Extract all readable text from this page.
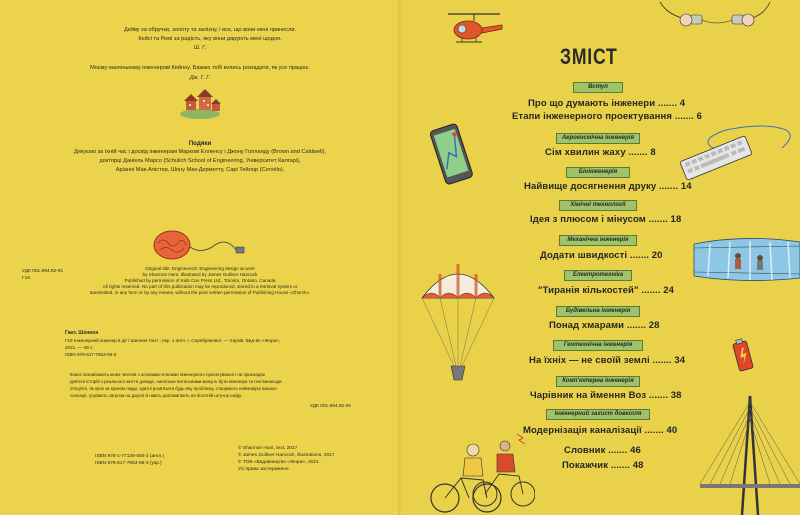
Дейву за обручки, золоту та залізну, і все, що вони мені принесли.
Кейсі та Ремі за радість, яку вони дарують мені щодня.
Ш. Г.
Моєму маленькому інженерові Кейнну. Бажаю тобі колись розгадати, як усе працює.
Дж. Г. Г.
Подяки
Дякуємо за їхній час і досвід інженерам Маркові Елленсу і Джону Голланду (Brown and Caldwell),
докторці Даніель Марсо (Schulich School of Engineering, Університет Калгарі),
Аріанні Мак-Алістер, Шону Мак-Дермотту, Сарі Тейлор (Cervélo).
УДК 001.894.82-91
Г19
Original title: Engineered!: Engineering design at work
by Shannon Hunt. Illustrated by James Gulliver Hancock
Published by permission of Kids Can Press Ltd., Toronto, Ontario, Canada
All rights reserved. No part of this publication may be reproduced, stored in a retrieval system or
transmitted, in any form or by any means, without the prior written permission of Publishing House «Zhorzh».
Гант, Шеннон
Г19 Інженерний інженер в дії / Шеннон Гант ; пер. з англ. І. Серебрянової. — Харків: Вид-во «Жорж»,
2021. — 48 с.
ISBN 978-617-7853-66-3
Книга познайомить юних читачів з основами етапами інженерного проектування і на прикладах
дев'яти історій з реального життя доведе, наскільки питальними можуть бути інженери та їхні винаходи.
З'ясуйте, як крок за кроком люди, здатні розв'язати будь-яку проблему, створюють неймовірні винахо-
сенсації, усувають загрози на дорозі й навіть допомагають на пілотній штучну шкіру.
УДК 001.894.82-91
ISBN 978-1-77138-560-2 (англ.)
ISBN 978-617-7853-66-3 (укр.)
© Shannon Hunt, text, 2017
© James Gulliver Hancock, illustrations, 2017
© ТОВ «Видавництво «Жорж», 2021
Усі права застережено
ЗМІСТ
Вступ
Про що думають інженери ....... 4
Етапи інженерного проектування ....... 6
Аерокосмічна інженерія
Сім хвилин жаху ....... 8
Біоінженерія
Найвище досягнення друку ....... 14
Хімічні технології
Ідея з плюсом і мінусом ....... 18
Механічна інженерія
Додати швидкості ....... 20
Електротехніка
"Тиранія кількостей" ....... 24
Будівельна інженерія
Понад хмарами ....... 28
Геотехнічна інженерія
На їхніх — не своїй землі ....... 34
Комп'ютерна інженерія
Чарівник на ймення Воз ....... 38
Інженерний захист довкілля
Модернізація каналізації ....... 40
Словник ....... 46
Покажчик ....... 48
